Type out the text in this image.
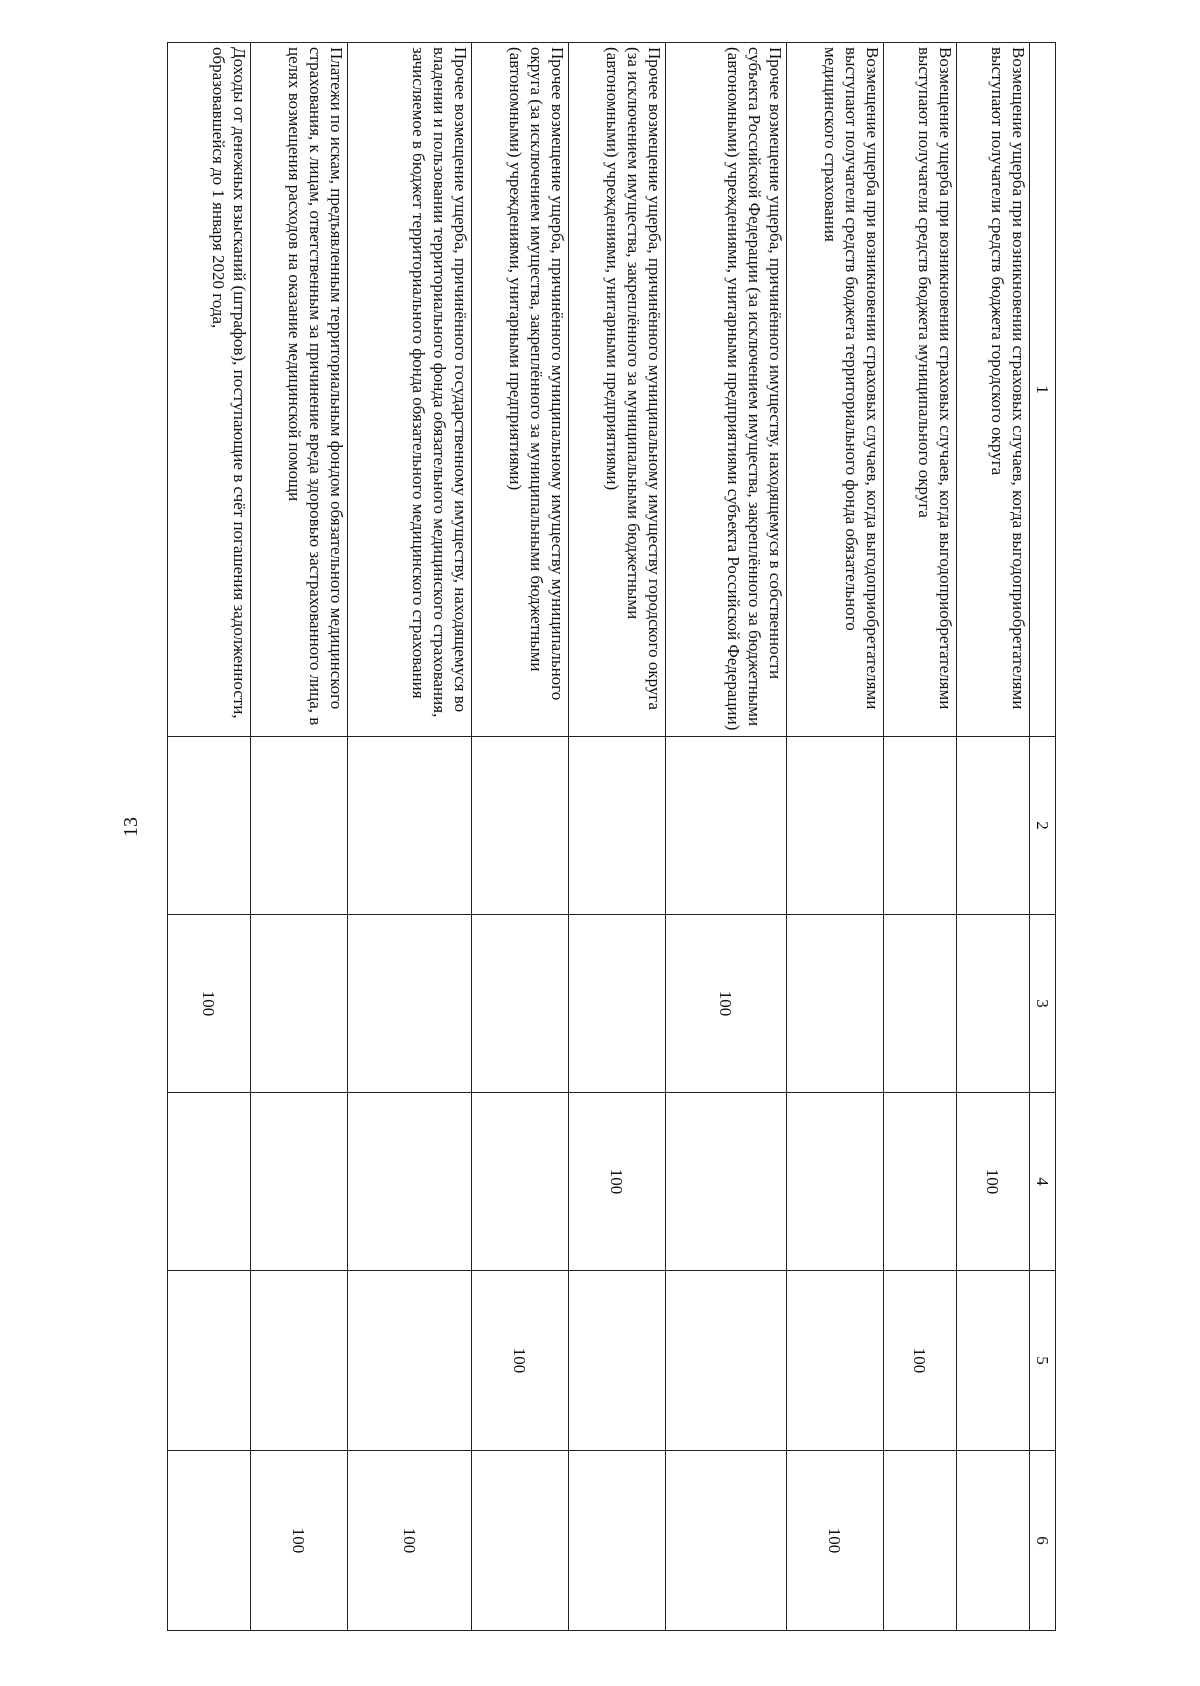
13
1	2	3	4	5	6
Возмещение ущерба при возникновении страховых случаев, когда выгодоприобретателями выступают получатели средств бюджета городского округа			100		
Возмещение ущерба при возникновении страховых случаев, когда выгодоприобретателями выступают получатели средств бюджета муниципального округа				100	
Возмещение ущерба при возникновении страховых случаев, когда выгодоприобретателями выступают получатели средств бюджета территориального фонда обязательного медицинского страхования					100
Прочее возмещение ущерба, причинённого имуществу, находящемуся в собственности субъекта Российской Федерации (за исключением имущества, закреплённого за бюджетными (автономными) учреждениями, унитарными предприятиями субъекта Российской Федерации)		100			
Прочее возмещение ущерба, причинённого муниципальному имуществу городского округа (за исключением имущества, закреплённого за муниципальными бюджетными (автономными) учреждениями, унитарными предприятиями)			100		
Прочее возмещение ущерба, причинённого муниципальному имуществу муниципального округа (за исключением имущества, закреплённого за муниципальными бюджетными (автономными) учреждениями, унитарными предприятиями)				100	
Прочее возмещение ущерба, причинённого государственному имуществу, находящемуся во владении и пользовании территориального фонда обязательного медицинского страхования, зачисляемое в бюджет территориального фонда обязательного медицинского страхования					100
Платежи по искам, предъявленным территориальным фондом обязательного медицинского страхования, к лицам, ответственным за причинение вреда здоровью застрахованного лица, в целях возмещения расходов на оказание медицинской помощи					100
Доходы от денежных взысканий (штрафов), поступающие в счёт погашения задолженности, образовавшейся до 1 января 2020 года,		100			
